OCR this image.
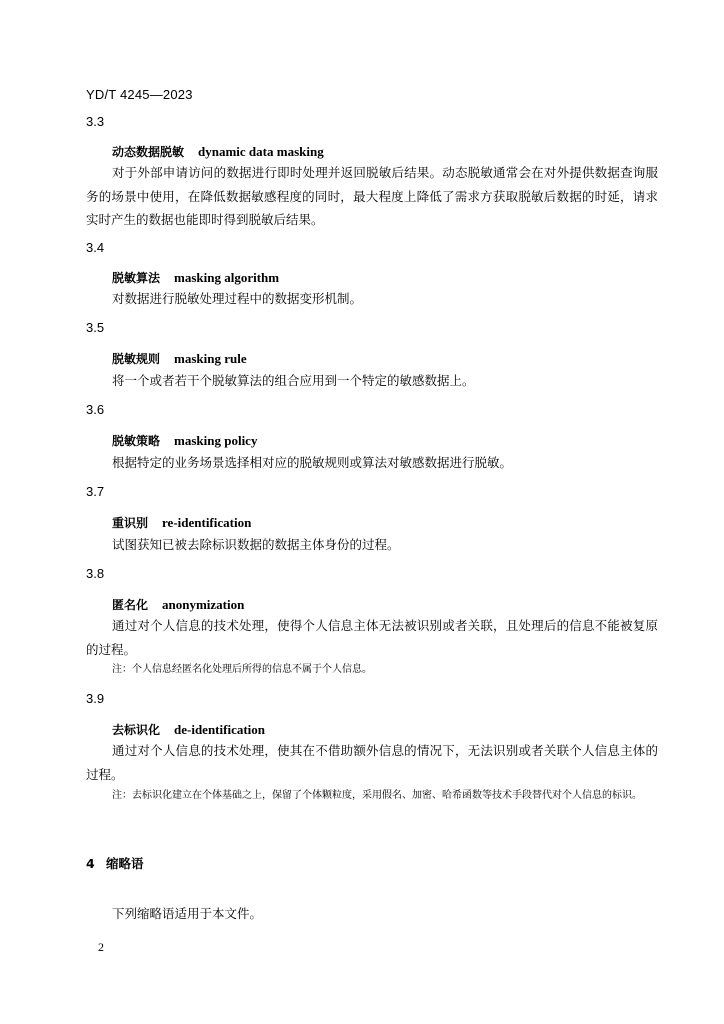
YD/T 4245—2023
3.3
动态数据脱敏 dynamic data masking

对于外部申请访问的数据进行即时处理并返回脱敏后结果。动态脱敏通常会在对外提供数据查询服务的场景中使用，在降低数据敏感程度的同时，最大程度上降低了需求方获取脱敏后数据的时延，请求实时产生的数据也能即时得到脱敏后结果。

3.4
脱敏算法 masking algorithm

对数据进行脱敏处理过程中的数据变形机制。

3.5
脱敏规则 masking rule

将一个或者若干个脱敏算法的组合应用到一个特定的敏感数据上。

3.6
脱敏策略 masking policy

根据特定的业务场景选择相对应的脱敏规则或算法对敏感数据进行脱敏。

3.7
重识别 re-identification

试图获知已被去除标识数据的数据主体身份的过程。

3.8
匿名化 anonymization

通过对个人信息的技术处理，使得个人信息主体无法被识别或者关联，且处理后的信息不能被复原的过程。

注：个人信息经匿名化处理后所得的信息不属于个人信息。

3.9
去标识化 de-identification

通过对个人信息的技术处理，使其在不借助额外信息的情况下，无法识别或者关联个人信息主体的过程。

注：去标识化建立在个体基础之上，保留了个体颗粒度，采用假名、加密、哈希函数等技术手段替代对个人信息的标识。

4 缩略语

下列缩略语适用于本文件。

2
